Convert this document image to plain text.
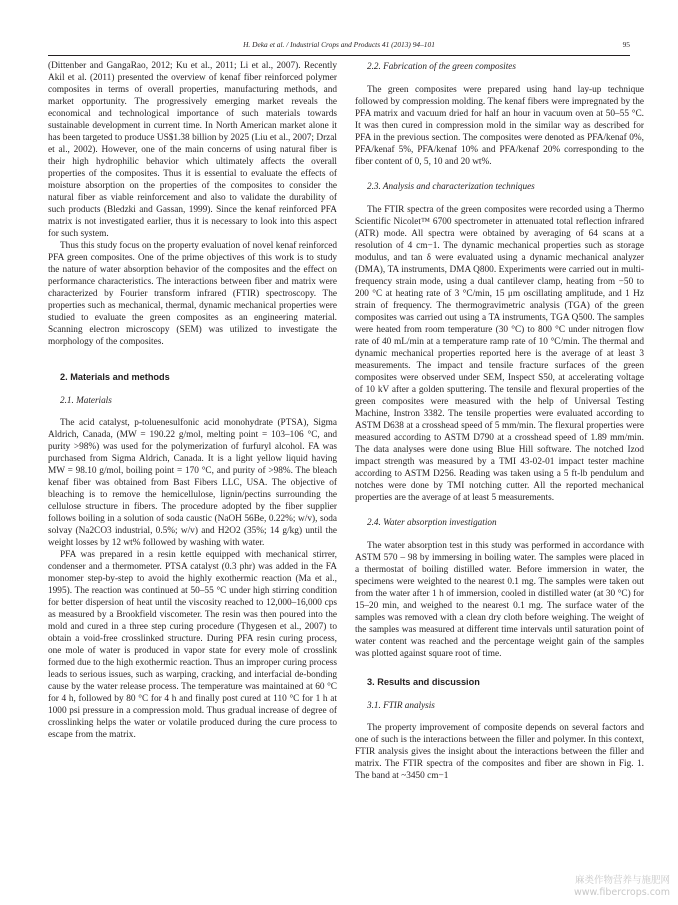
H. Deka et al. / Industrial Crops and Products 41 (2013) 94–101	95

(Dittenber and GangaRao, 2012; Ku et al., 2011; Li et al., 2007). Recently Akil et al. (2011) presented the overview of kenaf fiber reinforced polymer composites in terms of overall properties, manufacturing methods, and market opportunity. The progressively emerging market reveals the economical and technological importance of such materials towards sustainable development in current time. In North American market alone it has been targeted to produce US$1.38 billion by 2025 (Liu et al., 2007; Drzal et al., 2002). However, one of the main concerns of using natural fiber is their high hydrophilic behavior which ultimately affects the overall properties of the composites. Thus it is essential to evaluate the effects of moisture absorption on the properties of the composites to consider the natural fiber as viable reinforcement and also to validate the durability of such products (Bledzki and Gassan, 1999). Since the kenaf reinforced PFA matrix is not investigated earlier, thus it is necessary to look into this aspect for such system.

Thus this study focus on the property evaluation of novel kenaf reinforced PFA green composites. One of the prime objectives of this work is to study the nature of water absorption behavior of the composites and the effect on performance characteristics. The interactions between fiber and matrix were characterized by Fourier transform infrared (FTIR) spectroscopy. The properties such as mechanical, thermal, dynamic mechanical properties were studied to evaluate the green composites as an engineering material. Scanning electron microscopy (SEM) was utilized to investigate the morphology of the composites.

2. Materials and methods

2.1. Materials

The acid catalyst, p-toluenesulfonic acid monohydrate (PTSA), Sigma Aldrich, Canada, (MW = 190.22 g/mol, melting point = 103–106 °C, and purity >98%) was used for the polymerization of furfuryl alcohol. FA was purchased from Sigma Aldrich, Canada. It is a light yellow liquid having MW = 98.10 g/mol, boiling point = 170 °C, and purity of >98%. The bleach kenaf fiber was obtained from Bast Fibers LLC, USA. The objective of bleaching is to remove the hemicellulose, lignin/pectins surrounding the cellulose structure in fibers. The procedure adopted by the fiber supplier follows boiling in a solution of soda caustic (NaOH 56Be, 0.22%; w/v), soda solvay (Na2CO3 industrial, 0.5%; w/v) and H2O2 (35%; 14 g/kg) until the weight losses by 12 wt% followed by washing with water.

PFA was prepared in a resin kettle equipped with mechanical stirrer, condenser and a thermometer. PTSA catalyst (0.3 phr) was added in the FA monomer step-by-step to avoid the highly exothermic reaction (Ma et al., 1995). The reaction was continued at 50–55 °C under high stirring condition for better dispersion of heat until the viscosity reached to 12,000–16,000 cps as measured by a Brookfield viscometer. The resin was then poured into the mold and cured in a three step curing procedure (Thygesen et al., 2007) to obtain a void-free crosslinked structure. During PFA resin curing process, one mole of water is produced in vapor state for every mole of crosslink formed due to the high exothermic reaction. Thus an improper curing process leads to serious issues, such as warping, cracking, and interfacial de-bonding cause by the water release process. The temperature was maintained at 60 °C for 4 h, followed by 80 °C for 4 h and finally post cured at 110 °C for 1 h at 1000 psi pressure in a compression mold. Thus gradual increase of degree of crosslinking helps the water or volatile produced during the cure process to escape from the matrix.

2.2. Fabrication of the green composites

The green composites were prepared using hand lay-up technique followed by compression molding. The kenaf fibers were impregnated by the PFA matrix and vacuum dried for half an hour in vacuum oven at 50–55 °C. It was then cured in compression mold in the similar way as described for PFA in the previous section. The composites were denoted as PFA/kenaf 0%, PFA/kenaf 5%, PFA/kenaf 10% and PFA/kenaf 20% corresponding to the fiber content of 0, 5, 10 and 20 wt%.

2.3. Analysis and characterization techniques

The FTIR spectra of the green composites were recorded using a Thermo Scientific Nicolet™ 6700 spectrometer in attenuated total reflection infrared (ATR) mode. All spectra were obtained by averaging of 64 scans at a resolution of 4 cm−1. The dynamic mechanical properties such as storage modulus, and tan δ were evaluated using a dynamic mechanical analyzer (DMA), TA instruments, DMA Q800. Experiments were carried out in multi-frequency strain mode, using a dual cantilever clamp, heating from −50 to 200 °C at heating rate of 3 °C/min, 15 μm oscillating amplitude, and 1 Hz strain of frequency. The thermogravimetric analysis (TGA) of the green composites was carried out using a TA instruments, TGA Q500. The samples were heated from room temperature (30 °C) to 800 °C under nitrogen flow rate of 40 mL/min at a temperature ramp rate of 10 °C/min. The thermal and dynamic mechanical properties reported here is the average of at least 3 measurements. The impact and tensile fracture surfaces of the green composites were observed under SEM, Inspect S50, at accelerating voltage of 10 kV after a golden sputtering. The tensile and flexural properties of the green composites were measured with the help of Universal Testing Machine, Instron 3382. The tensile properties were evaluated according to ASTM D638 at a crosshead speed of 5 mm/min. The flexural properties were measured according to ASTM D790 at a crosshead speed of 1.89 mm/min. The data analyses were done using Blue Hill software. The notched Izod impact strength was measured by a TMI 43-02-01 impact tester machine according to ASTM D256. Reading was taken using a 5 ft-lb pendulum and notches were done by TMI notching cutter. All the reported mechanical properties are the average of at least 5 measurements.

2.4. Water absorption investigation

The water absorption test in this study was performed in accordance with ASTM 570 – 98 by immersing in boiling water. The samples were placed in a thermostat of boiling distilled water. Before immersion in water, the specimens were weighted to the nearest 0.1 mg. The samples were taken out from the water after 1 h of immersion, cooled in distilled water (at 30 °C) for 15–20 min, and weighed to the nearest 0.1 mg. The surface water of the samples was removed with a clean dry cloth before weighing. The weight of the samples was measured at different time intervals until saturation point of water content was reached and the percentage weight gain of the samples was plotted against square root of time.

3. Results and discussion

3.1. FTIR analysis

The property improvement of composite depends on several factors and one of such is the interactions between the filler and polymer. In this context, FTIR analysis gives the insight about the interactions between the filler and matrix. The FTIR spectra of the composites and fiber are shown in Fig. 1. The band at ~3450 cm−1

麻类作物营养与施肥网
www.fibercrops.com
